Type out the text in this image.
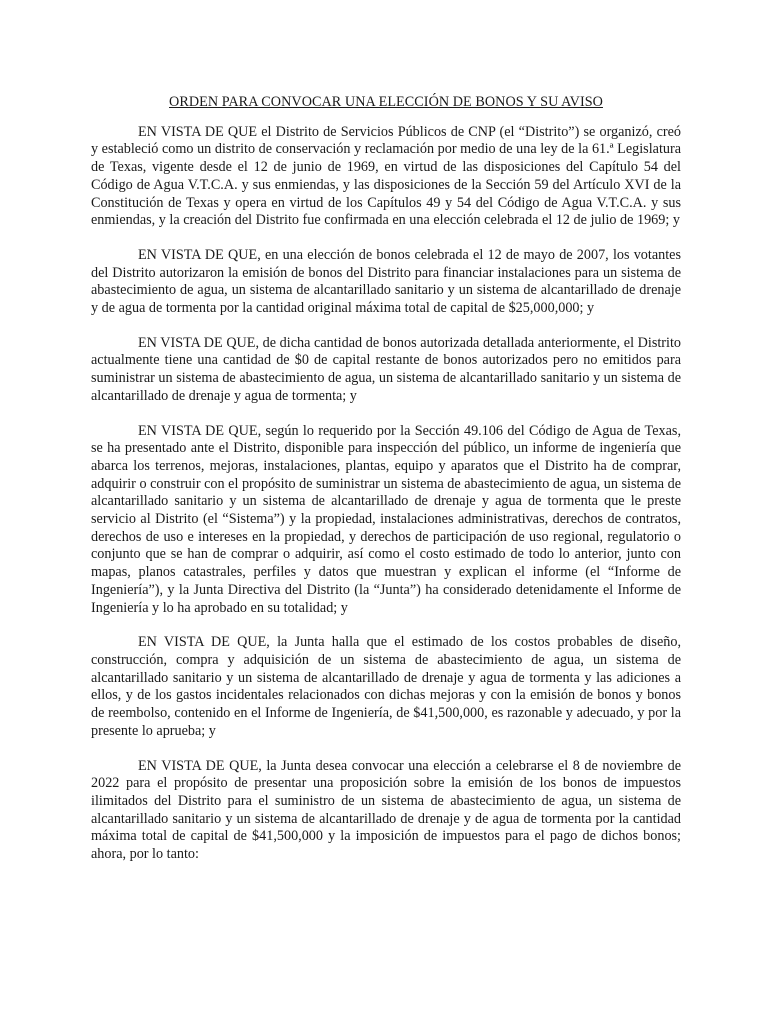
ORDEN PARA CONVOCAR UNA ELECCIÓN DE BONOS Y SU AVISO

EN VISTA DE QUE el Distrito de Servicios Públicos de CNP (el “Distrito”) se organizó, creó y estableció como un distrito de conservación y reclamación por medio de una ley de la 61.ª Legislatura de Texas, vigente desde el 12 de junio de 1969, en virtud de las disposiciones del Capítulo 54 del Código de Agua V.T.C.A. y sus enmiendas, y las disposiciones de la Sección 59 del Artículo XVI de la Constitución de Texas y opera en virtud de los Capítulos 49 y 54 del Código de Agua V.T.C.A. y sus enmiendas, y la creación del Distrito fue confirmada en una elección celebrada el 12 de julio de 1969; y

EN VISTA DE QUE, en una elección de bonos celebrada el 12 de mayo de 2007, los votantes del Distrito autorizaron la emisión de bonos del Distrito para financiar instalaciones para un sistema de abastecimiento de agua, un sistema de alcantarillado sanitario y un sistema de alcantarillado de drenaje y de agua de tormenta por la cantidad original máxima total de capital de $25,000,000; y

EN VISTA DE QUE, de dicha cantidad de bonos autorizada detallada anteriormente, el Distrito actualmente tiene una cantidad de $0 de capital restante de bonos autorizados pero no emitidos para suministrar un sistema de abastecimiento de agua, un sistema de alcantarillado sanitario y un sistema de alcantarillado de drenaje y agua de tormenta; y

EN VISTA DE QUE, según lo requerido por la Sección 49.106 del Código de Agua de Texas, se ha presentado ante el Distrito, disponible para inspección del público, un informe de ingeniería que abarca los terrenos, mejoras, instalaciones, plantas, equipo y aparatos que el Distrito ha de comprar, adquirir o construir con el propósito de suministrar un sistema de abastecimiento de agua, un sistema de alcantarillado sanitario y un sistema de alcantarillado de drenaje y agua de tormenta que le preste servicio al Distrito (el “Sistema”) y la propiedad, instalaciones administrativas, derechos de contratos, derechos de uso e intereses en la propiedad, y derechos de participación de uso regional, regulatorio o conjunto que se han de comprar o adquirir, así como el costo estimado de todo lo anterior, junto con mapas, planos catastrales, perfiles y datos que muestran y explican el informe (el “Informe de Ingeniería”), y la Junta Directiva del Distrito (la “Junta”) ha considerado detenidamente el Informe de Ingeniería y lo ha aprobado en su totalidad; y

EN VISTA DE QUE, la Junta halla que el estimado de los costos probables de diseño, construcción, compra y adquisición de un sistema de abastecimiento de agua, un sistema de alcantarillado sanitario y un sistema de alcantarillado de drenaje y agua de tormenta y las adiciones a ellos, y de los gastos incidentales relacionados con dichas mejoras y con la emisión de bonos y bonos de reembolso, contenido en el Informe de Ingeniería, de $41,500,000, es razonable y adecuado, y por la presente lo aprueba; y

EN VISTA DE QUE, la Junta desea convocar una elección a celebrarse el 8 de noviembre de 2022 para el propósito de presentar una proposición sobre la emisión de los bonos de impuestos ilimitados del Distrito para el suministro de un sistema de abastecimiento de agua, un sistema de alcantarillado sanitario y un sistema de alcantarillado de drenaje y de agua de tormenta por la cantidad máxima total de capital de $41,500,000 y la imposición de impuestos para el pago de dichos bonos; ahora, por lo tanto:
